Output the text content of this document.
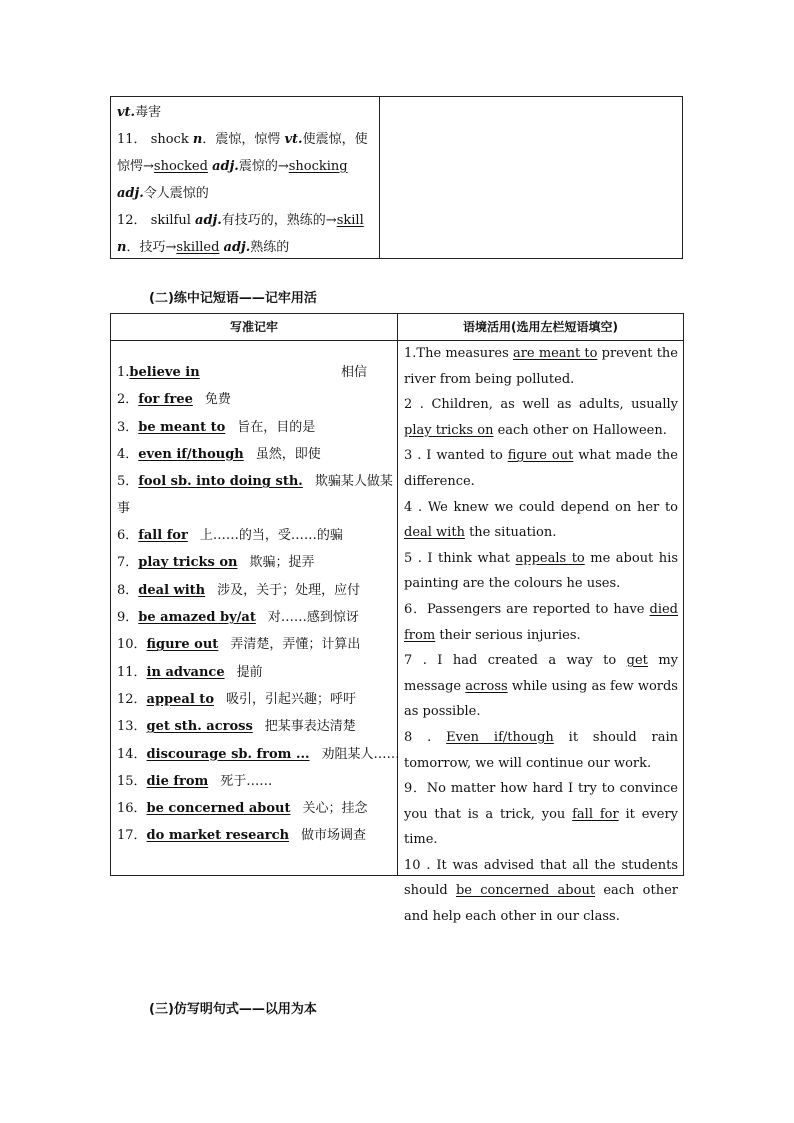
vt.毒害

11． shock n．震惊，惊愕 vt.使震惊，使惊愕→shocked adj.震惊的→shocking adj.令人震惊的

12． skilful adj.有技巧的，熟练的→skill n．技巧→skilled adj.熟练的

(二)练中记短语——记牢用活
写准记牢	语境活用(选用左栏短语填空)
1.believe in	相信
2．for free 免费
3．be meant to 旨在，目的是
4．even if/though 虽然，即使
5．fool sb. into doing sth. 欺骗某人做某事
6．fall for 上……的当，受……的骗
7．play tricks on 欺骗；捉弄
8．deal with 涉及，关于；处理，应付
9．be amazed by/at 对……感到惊讶
10．figure out 弄清楚，弄懂；计算出
11．in advance 提前
12．appeal to 吸引，引起兴趣；呼吁
13．get sth. across 把某事表达清楚
14．discourage sb. from ... 劝阻某人……
15．die from 死于……
16．be concerned about 关心；挂念
17．do market research 做市场调查

1.The measures are meant to prevent the river from being polluted.

2 . Children, as well as adults, usually play tricks on each other on Halloween.

3 . I wanted to figure out what made the difference.

4 . We knew we could depend on her to deal with the situation.

5 . I think what appeals to me about his painting are the colours he uses.

6．Passengers are reported to have died from their serious injuries.

7 . I had created a way to get my message across while using as few words as possible.

8 . Even if/though it should rain tomorrow, we will continue our work.

9．No matter how hard I try to convince you that is a trick, you fall for it every time.

10 . It was advised that all the students should be concerned about each other and help each other in our class.

(三)仿写明句式——以用为本
